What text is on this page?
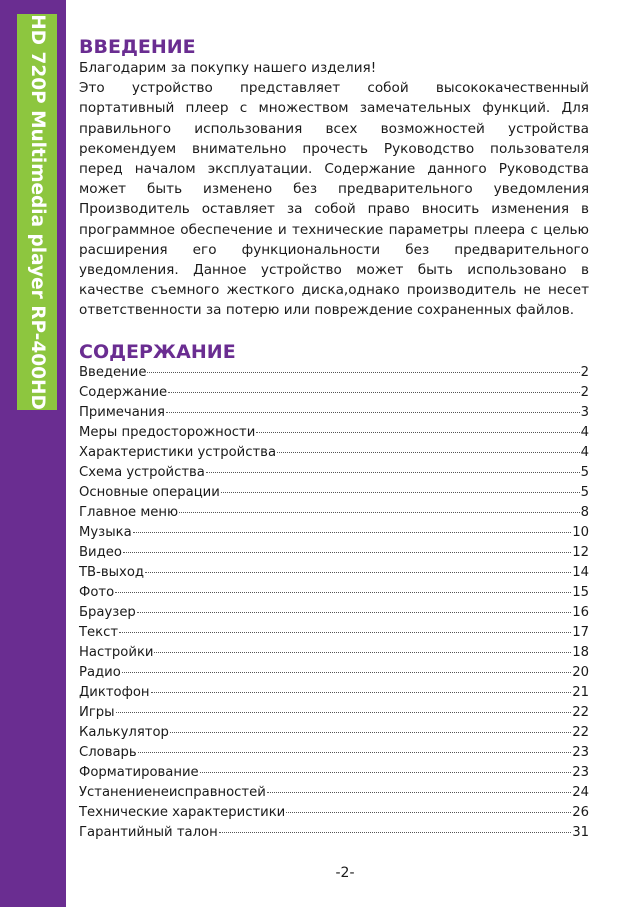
HD 720P Multimedia player RP-400HD	ВВЕДЕНИЕ

Благодарим за покупку нашего изделия!

Это устройство представляет собой высококачественный портативный плеер с множеством замечательных функций. Для правильного использования всех возможностей устройства рекомендуем внимательно прочесть Руководство пользователя перед началом эксплуатации. Содержание данного Руководства может быть изменено без предварительного уведомления Производитель оставляет за собой право вносить изменения в программное обеспечение и технические параметры плеера с целью расширения его функциональности без предварительного уведомления. Данное устройство может быть использовано в качестве съемного жесткого диска,однако производитель не несет ответственности за потерю или повреждение сохраненных файлов.

СОДЕРЖАНИЕ
Введение	2
Содержание	2
Примечания	3
Меры предосторожности	4
Характеристики устройства	4
Схема устройства	5
Основные операции	5
Главное меню	8
Музыка	10
Видео	12
ТВ-выход	14
Фото	15
Браузер	16
Текст	17
Настройки	18
Радио	20
Диктофон	21
Игры	22
Калькулятор	22
Словарь	23
Форматирование	23
Устанениенеисправностей	24
Технические характеристики	26
Гарантийный талон	31
-2-
